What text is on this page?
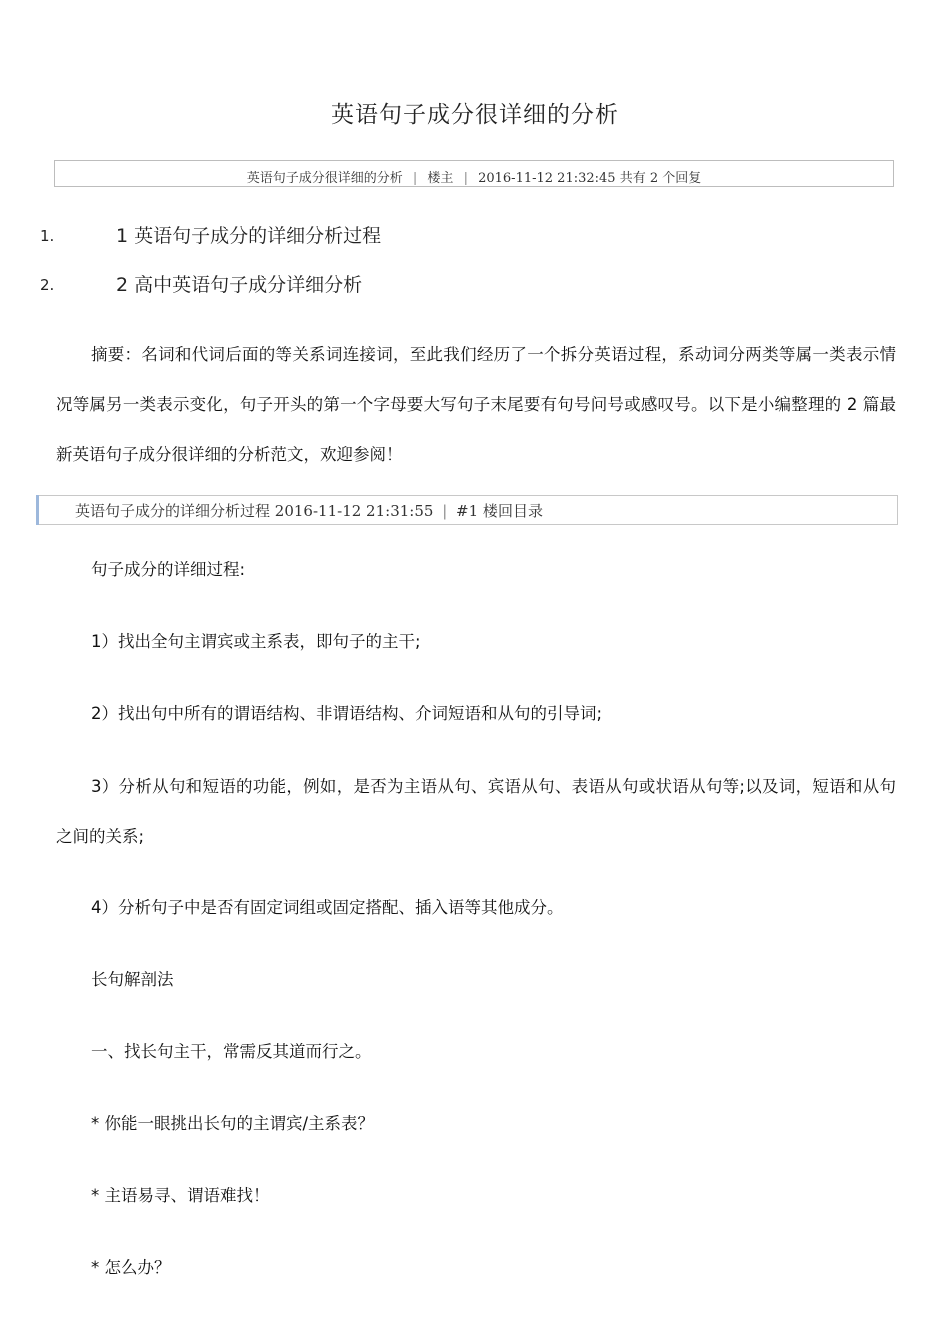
英语句子成分很详细的分析
英语句子成分很详细的分析 | 楼主 | 2016-11-12 21:32:45 共有 2 个回复
1.	1 英语句子成分的详细分析过程
2.	2 高中英语句子成分详细分析
摘要：名词和代词后面的等关系词连接词，至此我们经历了一个拆分英语过程，系动词分两类等属一类表示情况等属另一类表示变化，句子开头的第一个字母要大写句子末尾要有句号问号或感叹号。以下是小编整理的 2 篇最新英语句子成分很详细的分析范文，欢迎参阅！
英语句子成分的详细分析过程 2016-11-12 21:31:55 | #1 楼回目录
句子成分的详细过程:
1）找出全句主谓宾或主系表，即句子的主干;
2）找出句中所有的谓语结构、非谓语结构、介词短语和从句的引导词;
3）分析从句和短语的功能，例如，是否为主语从句、宾语从句、表语从句或状语从句等;以及词，短语和从句之间的关系;
4）分析句子中是否有固定词组或固定搭配、插入语等其他成分。
长句解剖法
一、找长句主干，常需反其道而行之。
* 你能一眼挑出长句的主谓宾/主系表？
* 主语易寻、谓语难找！
* 怎么办？
